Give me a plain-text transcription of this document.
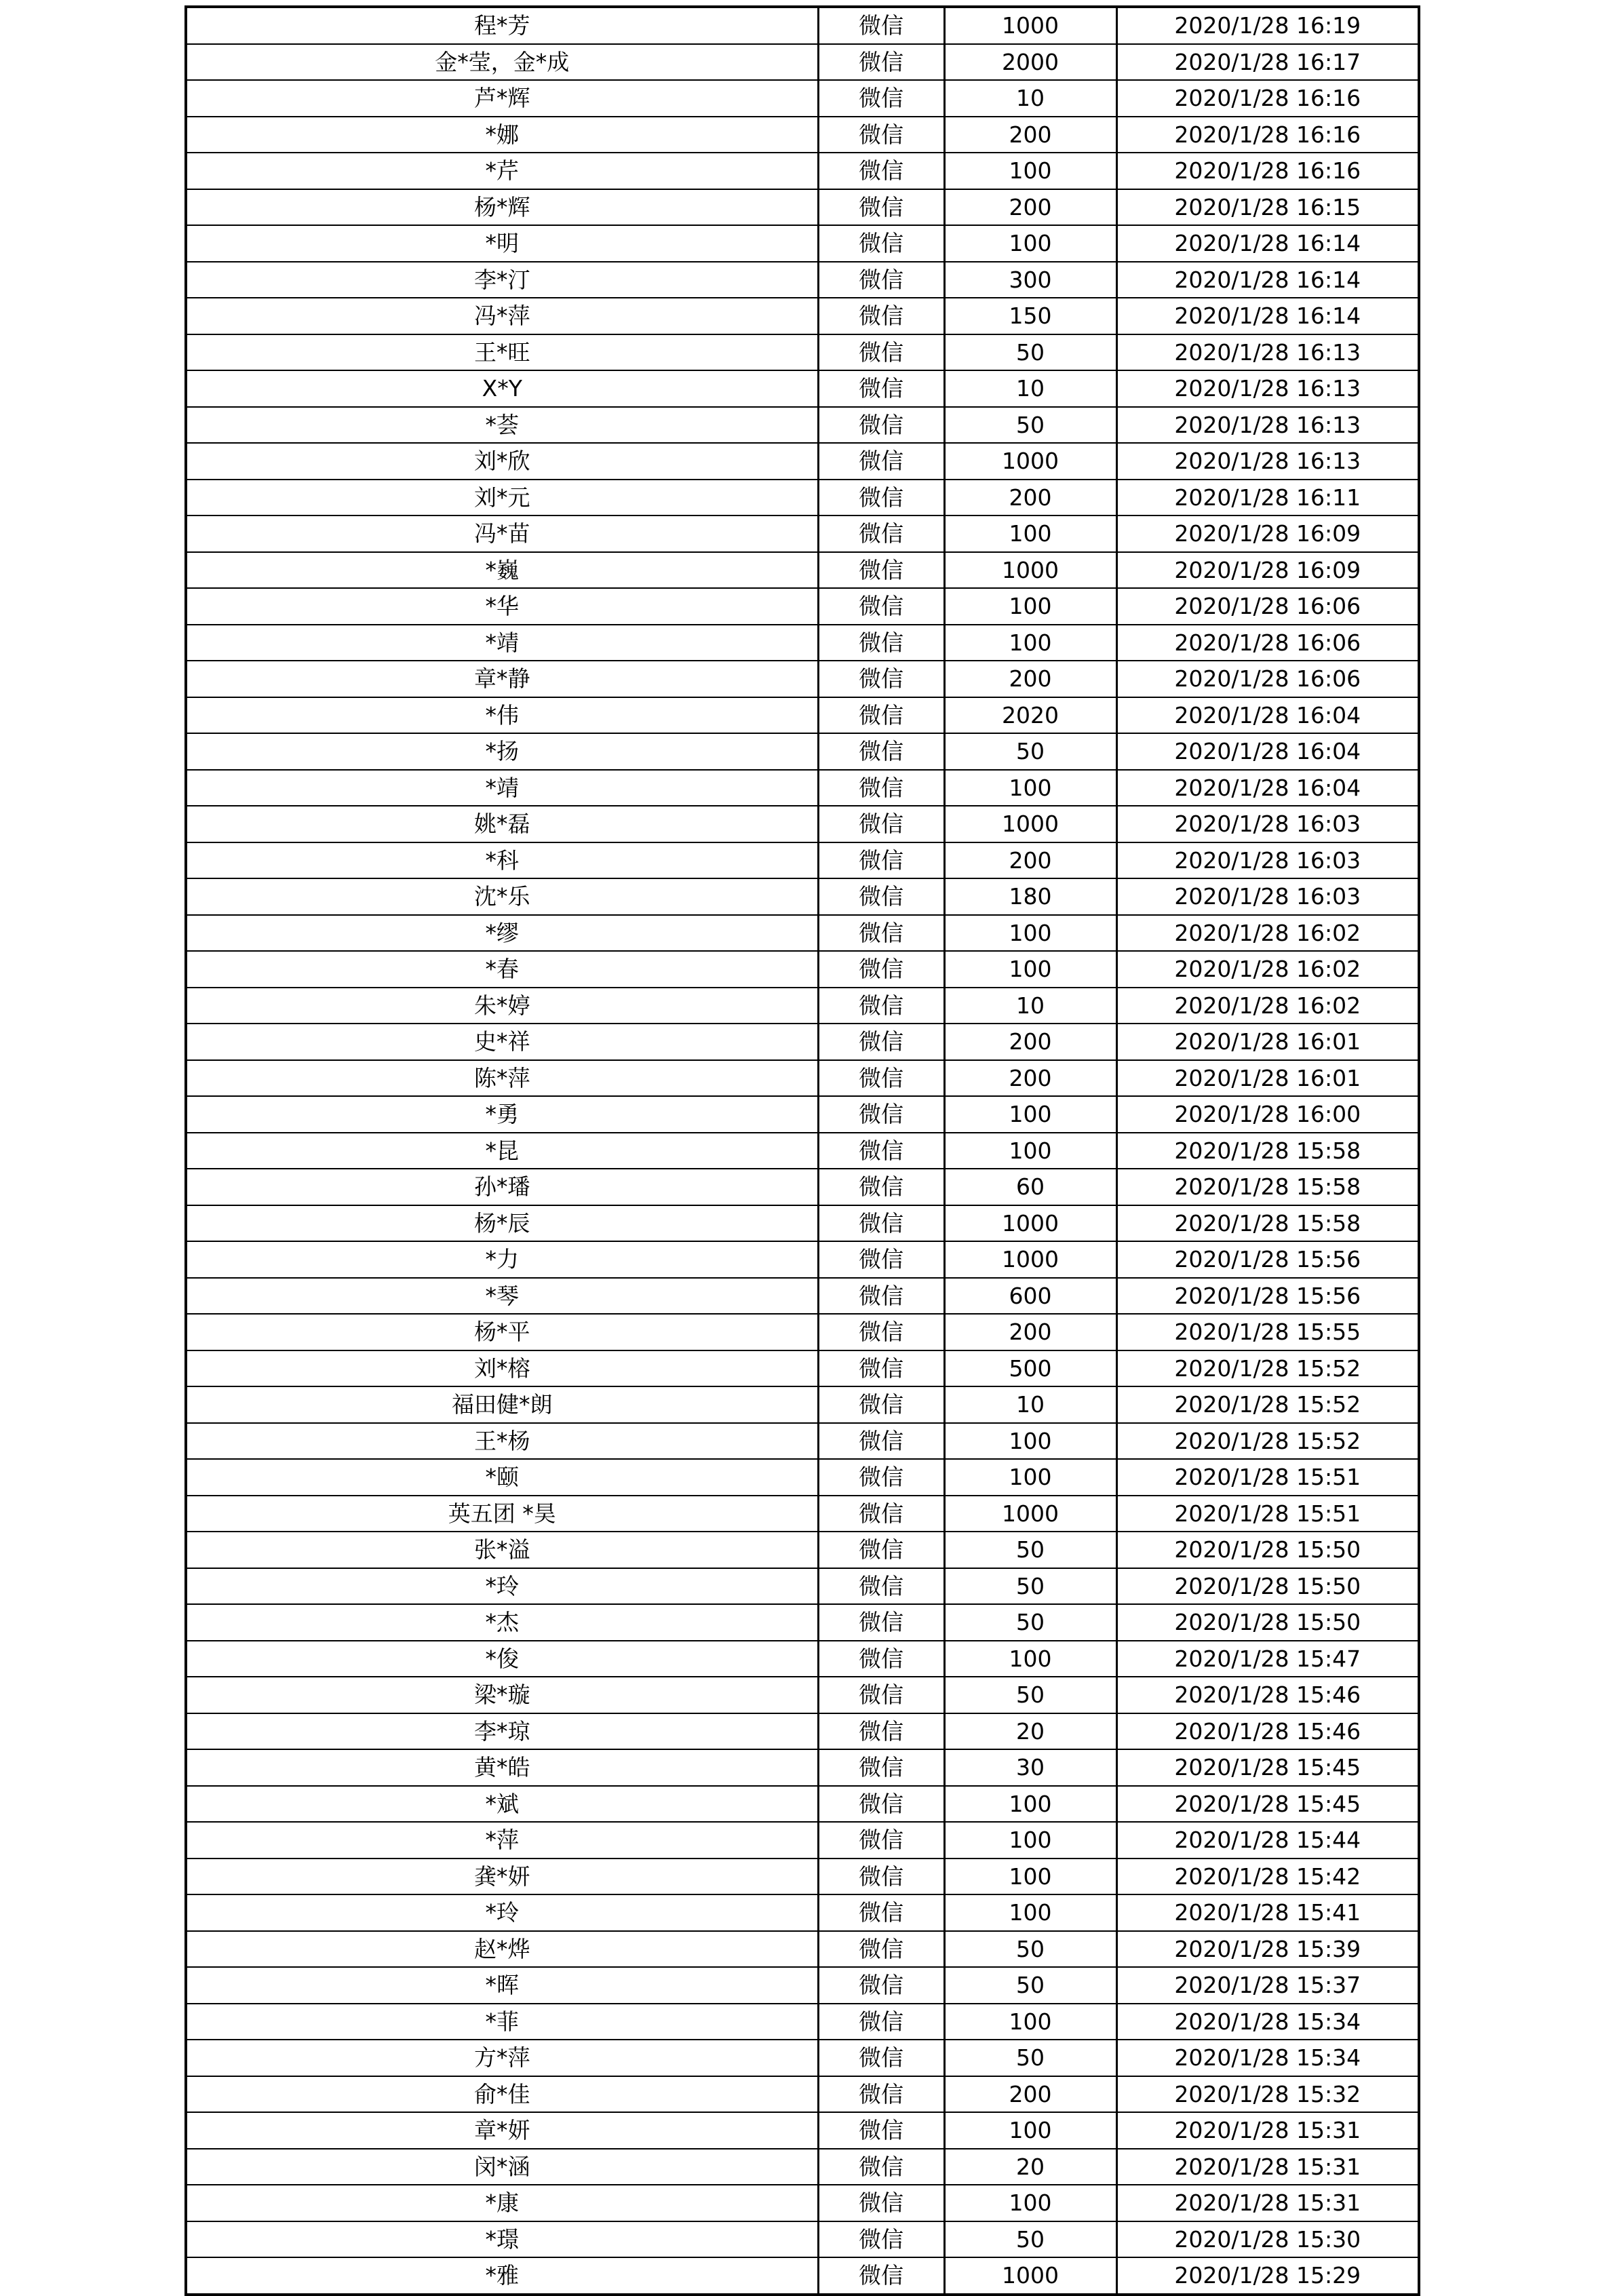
程*芳	微信	1000	2020/1/28 16:19
金*莹，金*成	微信	2000	2020/1/28 16:17
芦*辉	微信	10	2020/1/28 16:16
*娜	微信	200	2020/1/28 16:16
*芹	微信	100	2020/1/28 16:16
杨*辉	微信	200	2020/1/28 16:15
*明	微信	100	2020/1/28 16:14
李*汀	微信	300	2020/1/28 16:14
冯*萍	微信	150	2020/1/28 16:14
王*旺	微信	50	2020/1/28 16:13
X*Y	微信	10	2020/1/28 16:13
*荟	微信	50	2020/1/28 16:13
刘*欣	微信	1000	2020/1/28 16:13
刘*元	微信	200	2020/1/28 16:11
冯*苗	微信	100	2020/1/28 16:09
*巍	微信	1000	2020/1/28 16:09
*华	微信	100	2020/1/28 16:06
*靖	微信	100	2020/1/28 16:06
章*静	微信	200	2020/1/28 16:06
*伟	微信	2020	2020/1/28 16:04
*扬	微信	50	2020/1/28 16:04
*靖	微信	100	2020/1/28 16:04
姚*磊	微信	1000	2020/1/28 16:03
*科	微信	200	2020/1/28 16:03
沈*乐	微信	180	2020/1/28 16:03
*缪	微信	100	2020/1/28 16:02
*春	微信	100	2020/1/28 16:02
朱*婷	微信	10	2020/1/28 16:02
史*祥	微信	200	2020/1/28 16:01
陈*萍	微信	200	2020/1/28 16:01
*勇	微信	100	2020/1/28 16:00
*昆	微信	100	2020/1/28 15:58
孙*璠	微信	60	2020/1/28 15:58
杨*辰	微信	1000	2020/1/28 15:58
*力	微信	1000	2020/1/28 15:56
*琴	微信	600	2020/1/28 15:56
杨*平	微信	200	2020/1/28 15:55
刘*榕	微信	500	2020/1/28 15:52
福田健*朗	微信	10	2020/1/28 15:52
王*杨	微信	100	2020/1/28 15:52
*颐	微信	100	2020/1/28 15:51
英五团 *昊	微信	1000	2020/1/28 15:51
张*溢	微信	50	2020/1/28 15:50
*玲	微信	50	2020/1/28 15:50
*杰	微信	50	2020/1/28 15:50
*俊	微信	100	2020/1/28 15:47
梁*璇	微信	50	2020/1/28 15:46
李*琼	微信	20	2020/1/28 15:46
黄*皓	微信	30	2020/1/28 15:45
*斌	微信	100	2020/1/28 15:45
*萍	微信	100	2020/1/28 15:44
龚*妍	微信	100	2020/1/28 15:42
*玲	微信	100	2020/1/28 15:41
赵*烨	微信	50	2020/1/28 15:39
*晖	微信	50	2020/1/28 15:37
*菲	微信	100	2020/1/28 15:34
方*萍	微信	50	2020/1/28 15:34
俞*佳	微信	200	2020/1/28 15:32
章*妍	微信	100	2020/1/28 15:31
闵*涵	微信	20	2020/1/28 15:31
*康	微信	100	2020/1/28 15:31
*璟	微信	50	2020/1/28 15:30
*雅	微信	1000	2020/1/28 15:29
